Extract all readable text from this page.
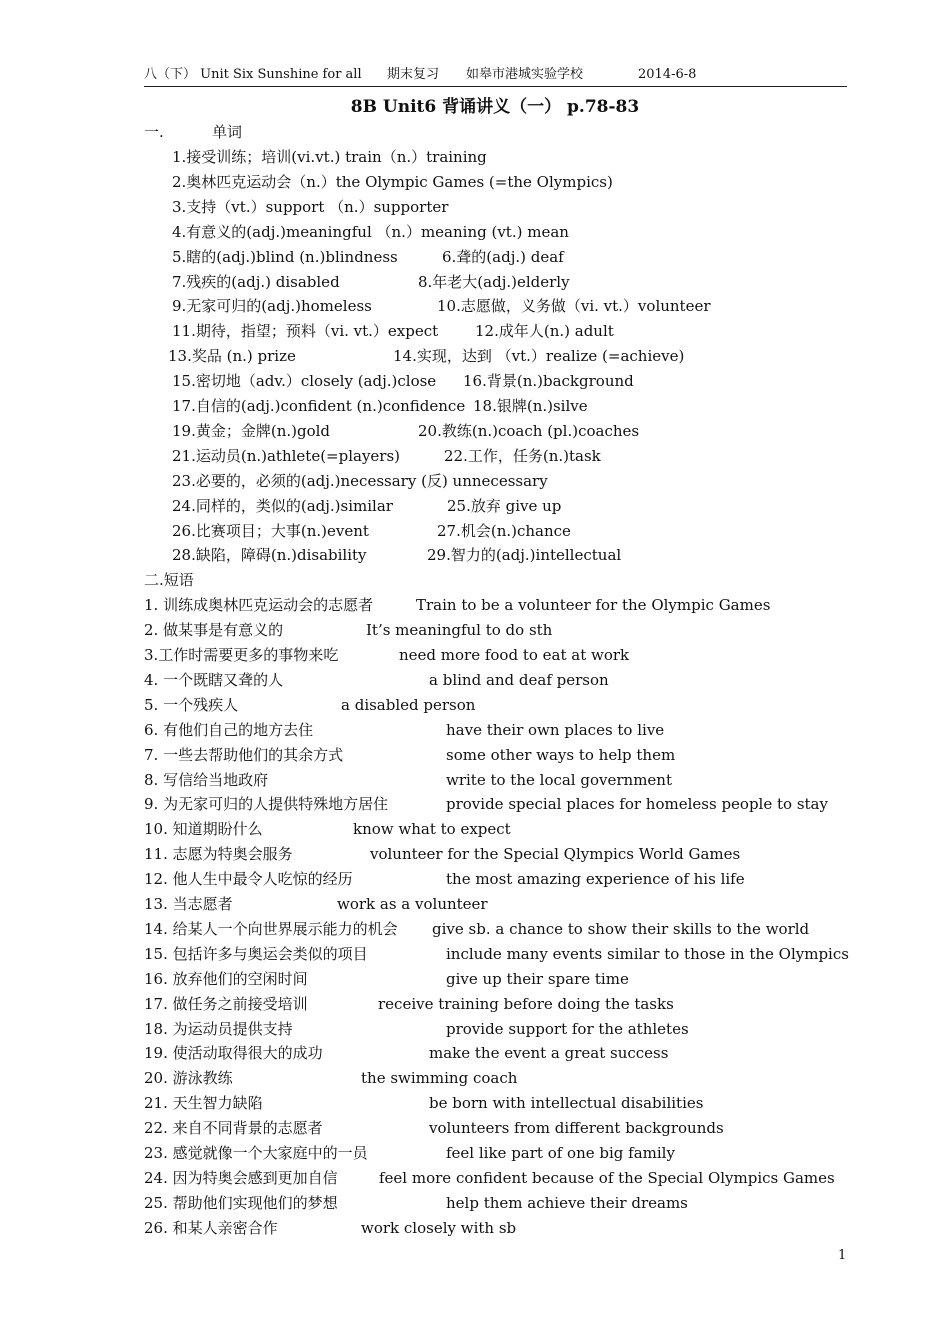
八（下） Unit Six Sunshine for all 期末复习 如皋市港城实验学校	2014-6-8
8B Unit6 背诵讲义（一） p.78-83
一.	单词
1.接受训练；培训(vi.vt.) train（n.）training
2.奥林匹克运动会（n.）the Olympic Games (=the Olympics)
3.支持（vt.）support （n.）supporter
4.有意义的(adj.)meaningful （n.）meaning (vt.) mean
5.瞎的(adj.)blind (n.)blindness	6.聋的(adj.) deaf
7.残疾的(adj.) disabled	8.年老大(adj.)elderly
9.无家可归的(adj.)homeless	10.志愿做，义务做（vi. vt.）volunteer
11.期待，指望；预料（vi. vt.）expect 12.成年人(n.) adult
13.奖品 (n.) prize	14.实现，达到 （vt.）realize (=achieve)
15.密切地（adv.）closely (adj.)close 16.背景(n.)background
17.自信的(adj.)confident (n.)confidence 18.银牌(n.)silve
19.黄金；金牌(n.)gold	20.教练(n.)coach (pl.)coaches
21.运动员(n.)athlete(=players)	22.工作，任务(n.)task
23.必要的，必须的(adj.)necessary (反) unnecessary
24.同样的，类似的(adj.)similar	25.放弃 give up
26.比赛项目；大事(n.)event	27.机会(n.)chance
28.缺陷，障碍(n.)disability	29.智力的(adj.)intellectual
二.短语
1. 训练成奥林匹克运动会的志愿者	Train to be a volunteer for the Olympic Games
2. 做某事是有意义的	It’s meaningful to do sth
3.工作时需要更多的事物来吃	need more food to eat at work
4. 一个既瞎又聋的人	a blind and deaf person
5. 一个残疾人	a disabled person
6. 有他们自己的地方去住	have their own places to live
7. 一些去帮助他们的其余方式	some other ways to help them
8. 写信给当地政府	write to the local government
9. 为无家可归的人提供特殊地方居住	provide special places for homeless people to stay
10. 知道期盼什么	know what to expect
11. 志愿为特奥会服务	volunteer for the Special Qlympics World Games
12. 他人生中最令人吃惊的经历	the most amazing experience of his life
13. 当志愿者	work as a volunteer
14. 给某人一个向世界展示能力的机会 give sb. a chance to show their skills to the world
15. 包括许多与奥运会类似的项目	include many events similar to those in the Olympics
16. 放弃他们的空闲时间	give up their spare time
17. 做任务之前接受培训	receive training before doing the tasks
18. 为运动员提供支持	provide support for the athletes
19. 使活动取得很大的成功	make the event a great success
20. 游泳教练	the swimming coach
21. 天生智力缺陷	be born with intellectual disabilities
22. 来自不同背景的志愿者	volunteers from different backgrounds
23. 感觉就像一个大家庭中的一员	feel like part of one big family
24. 因为特奥会感到更加自信	feel more confident because of the Special Olympics Games
25. 帮助他们实现他们的梦想	help them achieve their dreams
26. 和某人亲密合作	work closely with sb
1
